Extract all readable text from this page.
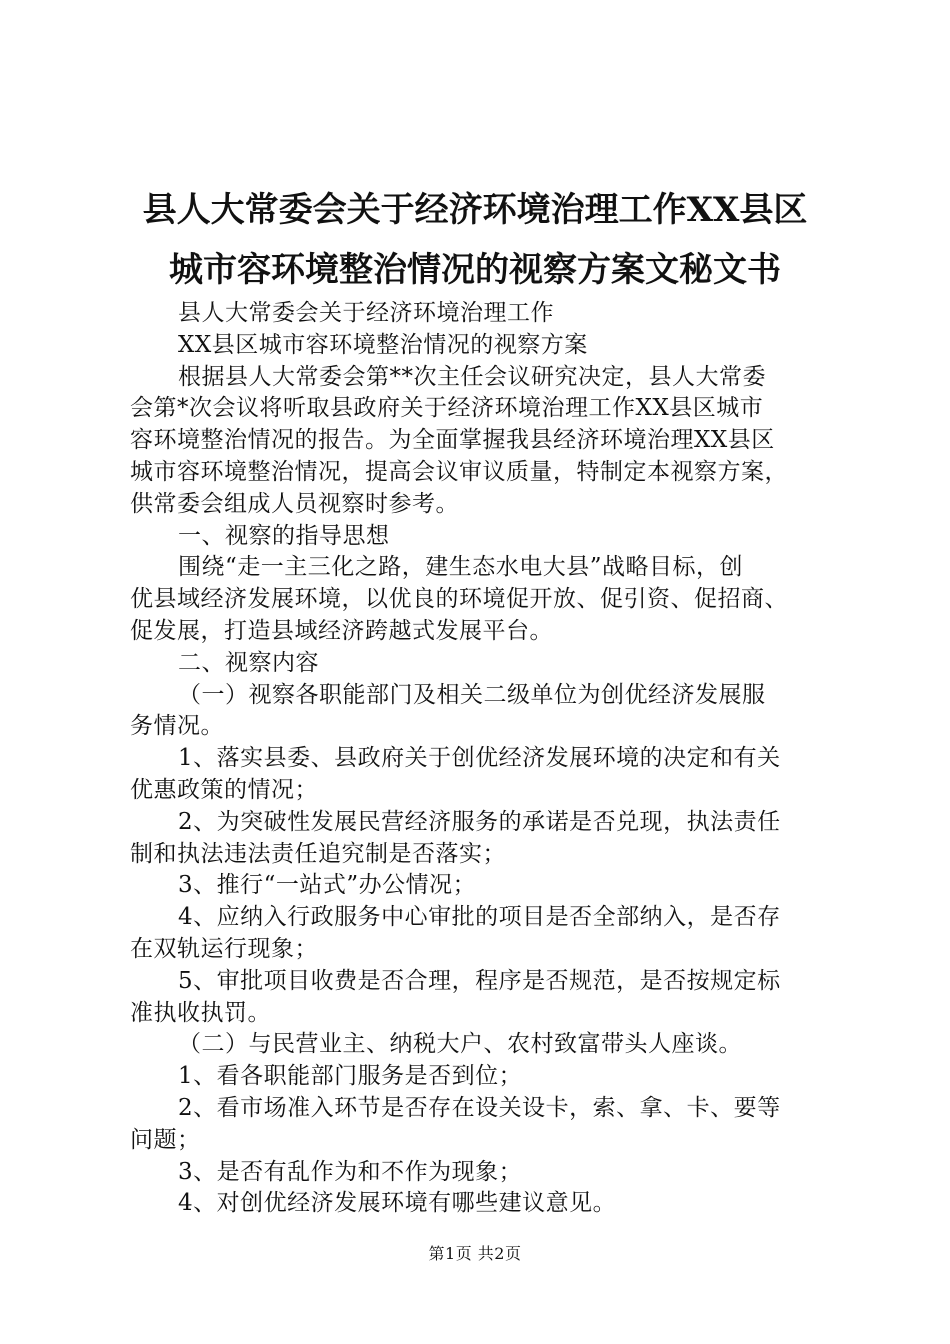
县人大常委会关于经济环境治理工作XX县区
城市容环境整治情况的视察方案文秘文书
县人大常委会关于经济环境治理工作
XX县区城市容环境整治情况的视察方案
根据县人大常委会第**次主任会议研究决定，县人大常委
会第*次会议将听取县政府关于经济环境治理工作XX县区城市
容环境整治情况的报告。为全面掌握我县经济环境治理XX县区
城市容环境整治情况，提高会议审议质量，特制定本视察方案，
供常委会组成人员视察时参考。
一、视察的指导思想
围绕“走一主三化之路，建生态水电大县”战略目标，创
优县域经济发展环境，以优良的环境促开放、促引资、促招商、
促发展，打造县域经济跨越式发展平台。
二、视察内容
（一）视察各职能部门及相关二级单位为创优经济发展服
务情况。
1、落实县委、县政府关于创优经济发展环境的决定和有关
优惠政策的情况；
2、为突破性发展民营经济服务的承诺是否兑现，执法责任
制和执法违法责任追究制是否落实；
3、推行“一站式”办公情况；
4、应纳入行政服务中心审批的项目是否全部纳入，是否存
在双轨运行现象；
5、审批项目收费是否合理，程序是否规范，是否按规定标
准执收执罚。
（二）与民营业主、纳税大户、农村致富带头人座谈。
1、看各职能部门服务是否到位；
2、看市场准入环节是否存在设关设卡，索、拿、卡、要等
问题；
3、是否有乱作为和不作为现象；
4、对创优经济发展环境有哪些建议意见。
第1页 共2页
